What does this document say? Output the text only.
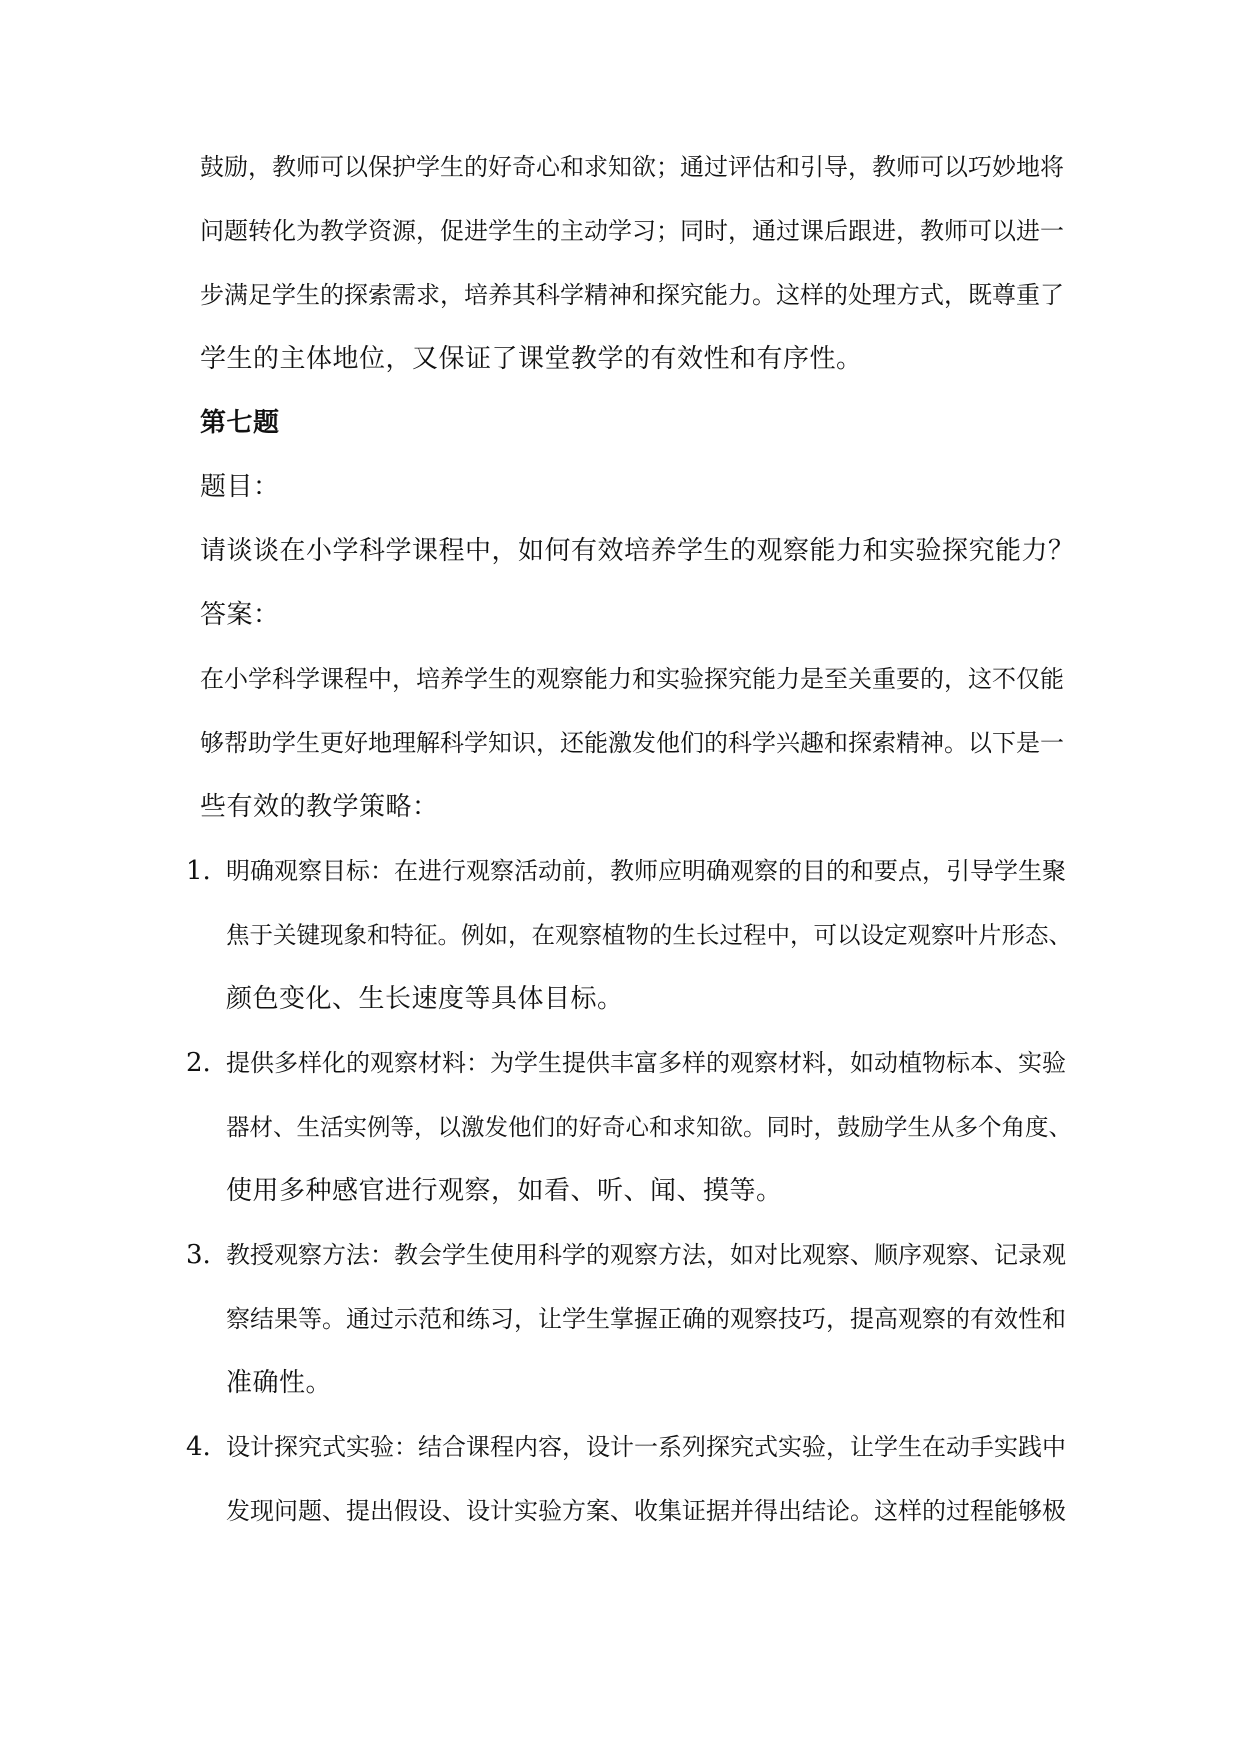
鼓励，教师可以保护学生的好奇心和求知欲；通过评估和引导，教师可以巧妙地将
问题转化为教学资源，促进学生的主动学习；同时，通过课后跟进，教师可以进一
步满足学生的探索需求，培养其科学精神和探究能力。这样的处理方式，既尊重了
学生的主体地位，又保证了课堂教学的有效性和有序性。
第七题
题目：
请谈谈在小学科学课程中，如何有效培养学生的观察能力和实验探究能力？
答案：
在小学科学课程中，培养学生的观察能力和实验探究能力是至关重要的，这不仅能
够帮助学生更好地理解科学知识，还能激发他们的科学兴趣和探索精神。以下是一
些有效的教学策略：
1. 明确观察目标：在进行观察活动前，教师应明确观察的目的和要点，引导学生聚
焦于关键现象和特征。例如，在观察植物的生长过程中，可以设定观察叶片形态、
颜色变化、生长速度等具体目标。
2. 提供多样化的观察材料：为学生提供丰富多样的观察材料，如动植物标本、实验
器材、生活实例等，以激发他们的好奇心和求知欲。同时，鼓励学生从多个角度、
使用多种感官进行观察，如看、听、闻、摸等。
3. 教授观察方法：教会学生使用科学的观察方法，如对比观察、顺序观察、记录观
察结果等。通过示范和练习，让学生掌握正确的观察技巧，提高观察的有效性和
准确性。
4. 设计探究式实验：结合课程内容，设计一系列探究式实验，让学生在动手实践中
发现问题、提出假设、设计实验方案、收集证据并得出结论。这样的过程能够极
